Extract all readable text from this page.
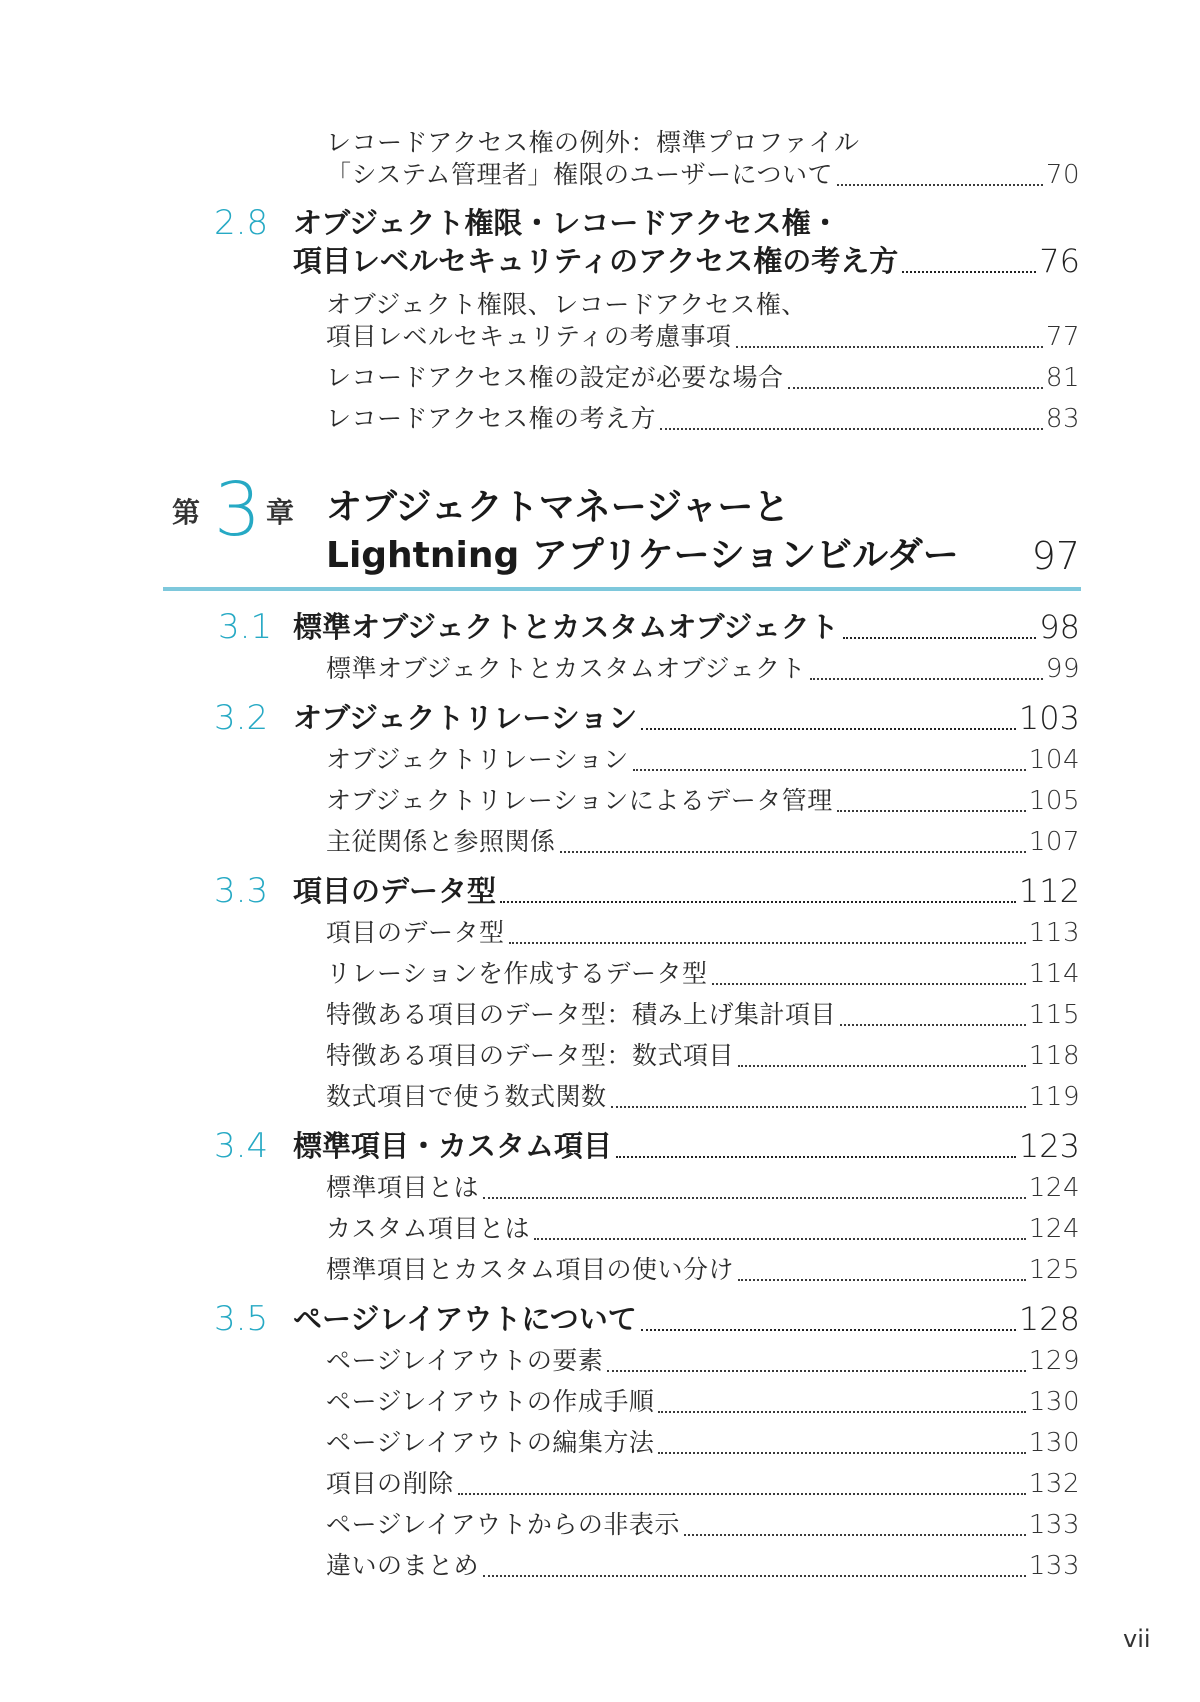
レコードアクセス権の例外：標準プロファイル
「システム管理者」権限のユーザーについて	70
2.8 オブジェクト権限・レコードアクセス権・
項目レベルセキュリティのアクセス権の考え方	76
オブジェクト権限、レコードアクセス権、
項目レベルセキュリティの考慮事項	77
レコードアクセス権の設定が必要な場合	81
レコードアクセス権の考え方	83
第 3 章 オブジェクトマネージャーと
Lightning アプリケーションビルダー 97
3.1 標準オブジェクトとカスタムオブジェクト	98
標準オブジェクトとカスタムオブジェクト	99
3.2 オブジェクトリレーション	103
オブジェクトリレーション	104
オブジェクトリレーションによるデータ管理	105
主従関係と参照関係	107
3.3 項目のデータ型	112
項目のデータ型	113
リレーションを作成するデータ型	114
特徴ある項目のデータ型：積み上げ集計項目	115
特徴ある項目のデータ型：数式項目	118
数式項目で使う数式関数	119
3.4 標準項目・カスタム項目	123
標準項目とは	124
カスタム項目とは	124
標準項目とカスタム項目の使い分け	125
3.5 ページレイアウトについて	128
ページレイアウトの要素	129
ページレイアウトの作成手順	130
ページレイアウトの編集方法	130
項目の削除	132
ページレイアウトからの非表示	133
違いのまとめ	133
vii
